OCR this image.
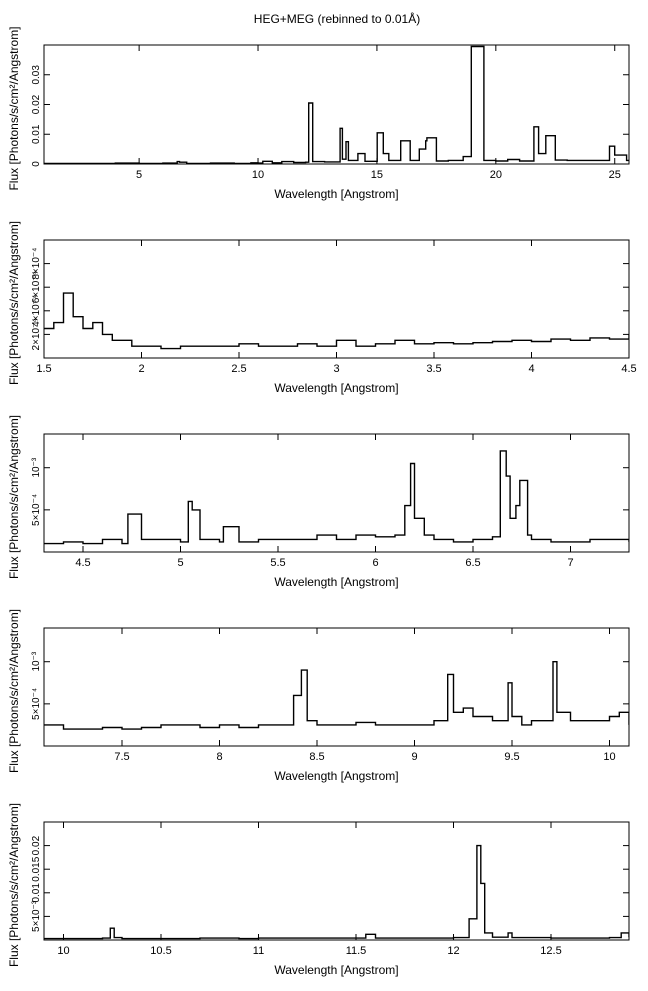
HEG+MEG (rebinned to 0.01Å)
5	10	15	20	25
0
0.01
0.02
0.03
Wavelength [Angstrom]
Flux [Photons/s/cm²/Angstrom]
1.5	2	2.5	3	3.5	4	4.5
2×10⁻⁴
4×10⁻⁴
6×10⁻⁴
8×10⁻⁴
Wavelength [Angstrom]
Flux [Photons/s/cm²/Angstrom]
4.5	5	5.5	6	6.5	7
5×10⁻⁴
10⁻³
Wavelength [Angstrom]
Flux [Photons/s/cm²/Angstrom]
7.5	8	8.5	9	9.5	10
5×10⁻⁴
10⁻³
Wavelength [Angstrom]
Flux [Photons/s/cm²/Angstrom]
10	10.5	11	11.5	12	12.5
5×10⁻³
0.01
0.015
0.02
Wavelength [Angstrom]
Flux [Photons/s/cm²/Angstrom]
